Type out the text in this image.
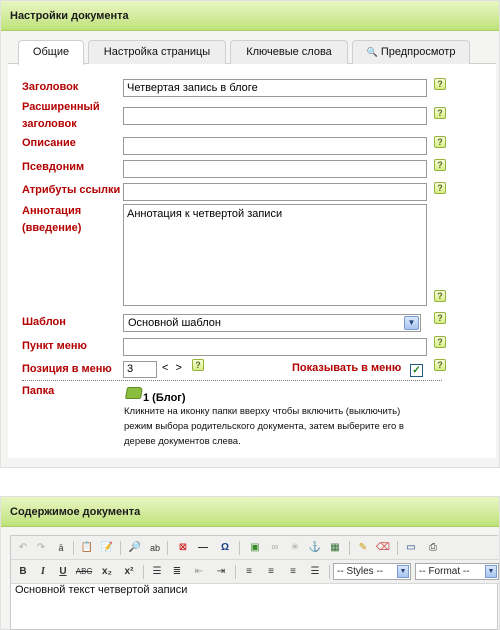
Настройки документа
Общие	Настройка страницы	Ключевые слова	🔍 Предпросмотр
Заголовок	Четвертая запись в блоге	?
Расширенный
заголовок
?
Описание	?
Псевдоним	?
Атрибуты ссылки	?
Аннотация
(введение)
Аннотация к четвертой записи
?
Шаблон	Основной шаблон	▼	?
Пункт меню	?
Позиция в меню	3	< >	?	Показывать в меню ✓	?
Папка
1 (Блог)
Кликните на иконку папки вверху чтобы включить (выключить) режим выбора родительского документа, затем выберите его в дереве документов слева.
Содержимое документа
↶ ↷	ā	📋 📝 🔎 ab	⊠	—	Ω	▣	∞	✳ ⚓ ▦	✎ ⌫	▭	⎙
B	I	U	ABC x₂	x²	☰	≣	⇤	⇥	≡	≡	≡	☰	-- Styles --	▼	-- Format --	▼
Основной текст четвертой записи
